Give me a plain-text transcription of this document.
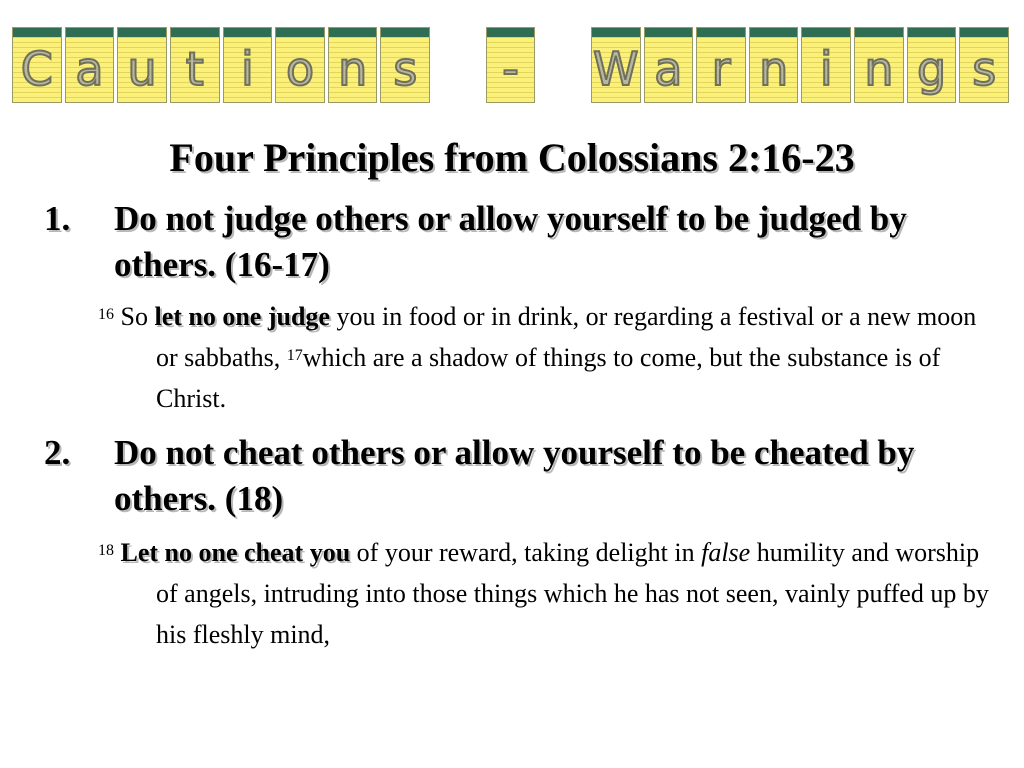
C a u t i o n s - W a r n i n g s
Four Principles from Colossians 2:16-23
1. Do not judge others or allow yourself to be judged by others. (16-17)
$^{16}$ So let no one judge you in food or in drink, or regarding a festival or a new moon or sabbaths, $^{17}$which are a shadow of things to come, but the substance is of Christ.
2. Do not cheat others or allow yourself to be cheated by others. (18)
$^{18}$ Let no one cheat you of your reward, taking delight in false humility and worship of angels, intruding into those things which he has not seen, vainly puffed up by his fleshly mind,
